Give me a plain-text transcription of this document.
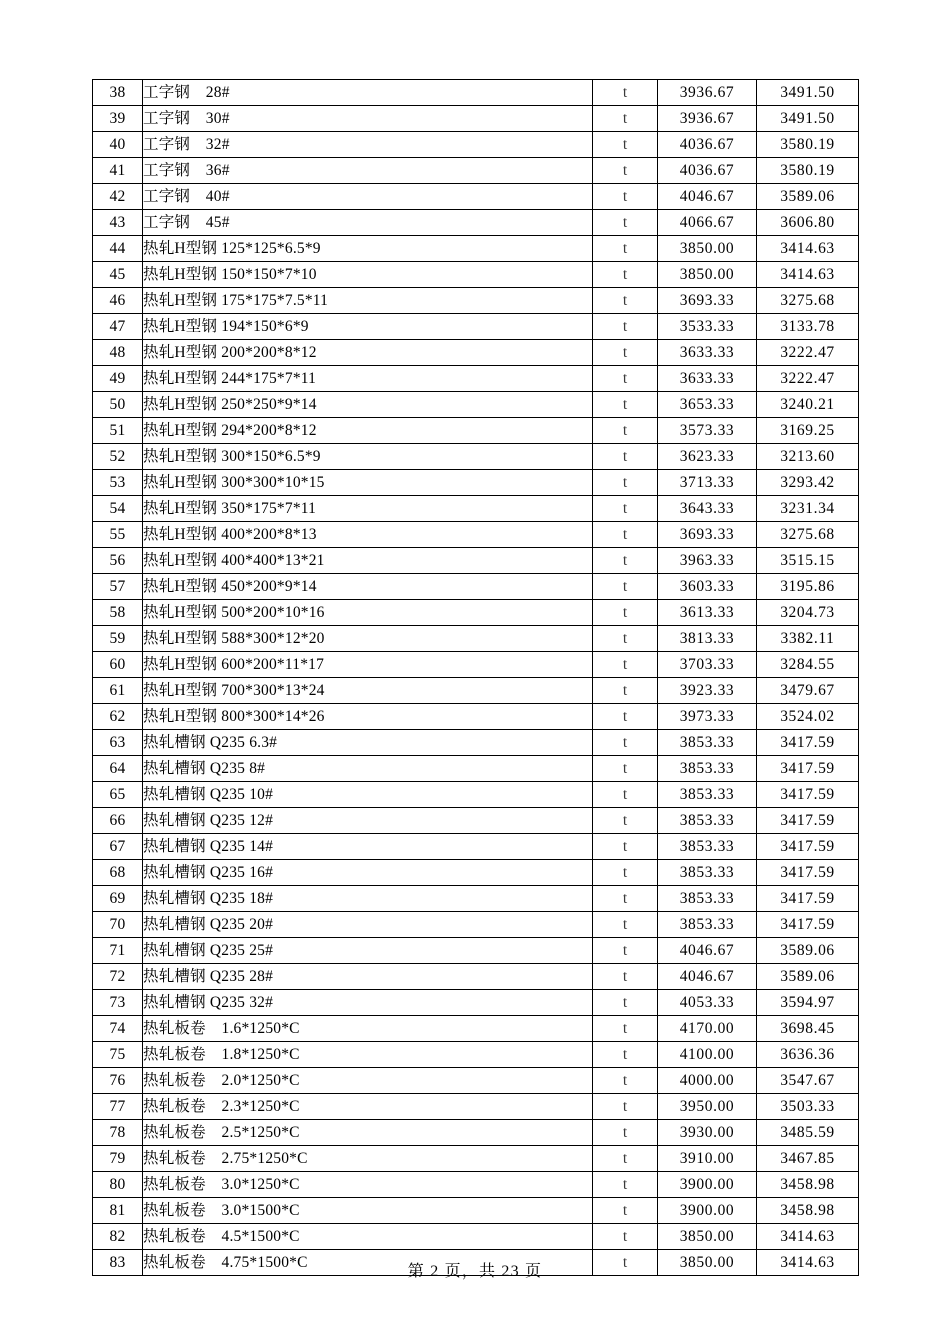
38	工字钢　28#	t	3936.67	3491.50
39	工字钢　30#	t	3936.67	3491.50
40	工字钢　32#	t	4036.67	3580.19
41	工字钢　36#	t	4036.67	3580.19
42	工字钢　40#	t	4046.67	3589.06
43	工字钢　45#	t	4066.67	3606.80
44	热轧H型钢 125*125*6.5*9	t	3850.00	3414.63
45	热轧H型钢 150*150*7*10	t	3850.00	3414.63
46	热轧H型钢 175*175*7.5*11	t	3693.33	3275.68
47	热轧H型钢 194*150*6*9	t	3533.33	3133.78
48	热轧H型钢 200*200*8*12	t	3633.33	3222.47
49	热轧H型钢 244*175*7*11	t	3633.33	3222.47
50	热轧H型钢 250*250*9*14	t	3653.33	3240.21
51	热轧H型钢 294*200*8*12	t	3573.33	3169.25
52	热轧H型钢 300*150*6.5*9	t	3623.33	3213.60
53	热轧H型钢 300*300*10*15	t	3713.33	3293.42
54	热轧H型钢 350*175*7*11	t	3643.33	3231.34
55	热轧H型钢 400*200*8*13	t	3693.33	3275.68
56	热轧H型钢 400*400*13*21	t	3963.33	3515.15
57	热轧H型钢 450*200*9*14	t	3603.33	3195.86
58	热轧H型钢 500*200*10*16	t	3613.33	3204.73
59	热轧H型钢 588*300*12*20	t	3813.33	3382.11
60	热轧H型钢 600*200*11*17	t	3703.33	3284.55
61	热轧H型钢 700*300*13*24	t	3923.33	3479.67
62	热轧H型钢 800*300*14*26	t	3973.33	3524.02
63	热轧槽钢 Q235 6.3#	t	3853.33	3417.59
64	热轧槽钢 Q235 8#	t	3853.33	3417.59
65	热轧槽钢 Q235 10#	t	3853.33	3417.59
66	热轧槽钢 Q235 12#	t	3853.33	3417.59
67	热轧槽钢 Q235 14#	t	3853.33	3417.59
68	热轧槽钢 Q235 16#	t	3853.33	3417.59
69	热轧槽钢 Q235 18#	t	3853.33	3417.59
70	热轧槽钢 Q235 20#	t	3853.33	3417.59
71	热轧槽钢 Q235 25#	t	4046.67	3589.06
72	热轧槽钢 Q235 28#	t	4046.67	3589.06
73	热轧槽钢 Q235 32#	t	4053.33	3594.97
74	热轧板卷　1.6*1250*C	t	4170.00	3698.45
75	热轧板卷　1.8*1250*C	t	4100.00	3636.36
76	热轧板卷　2.0*1250*C	t	4000.00	3547.67
77	热轧板卷　2.3*1250*C	t	3950.00	3503.33
78	热轧板卷　2.5*1250*C	t	3930.00	3485.59
79	热轧板卷　2.75*1250*C	t	3910.00	3467.85
80	热轧板卷　3.0*1250*C	t	3900.00	3458.98
81	热轧板卷　3.0*1500*C	t	3900.00	3458.98
82	热轧板卷　4.5*1500*C	t	3850.00	3414.63
83	热轧板卷　4.75*1500*C	t	3850.00	3414.63
第 2 页，共 23 页
